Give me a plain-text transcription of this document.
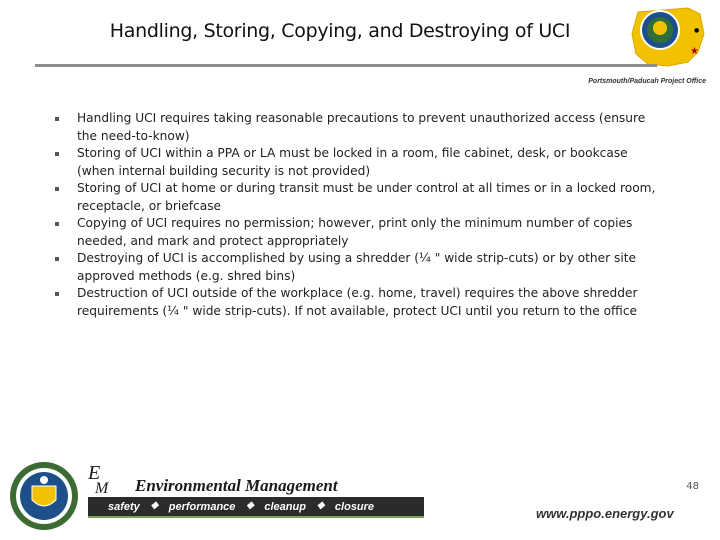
Handling, Storing, Copying, and Destroying of UCI
★
●
Portsmouth/Paducah Project Office
Handling UCI requires taking reasonable precautions to prevent unauthorized access (ensure the need-to-know)
Storing of UCI within a PPA or LA must be locked in a room, file cabinet, desk, or bookcase (when internal building security is not provided)
Storing of UCI at home or during transit must be under control at all times or in a locked room, receptacle, or briefcase
Copying of UCI requires no permission; however, print only the minimum number of copies needed, and mark and protect appropriately
Destroying of UCI is accomplished by using a shredder (¼ " wide strip-cuts) or by other site approved methods (e.g. shred bins)
Destruction of UCI outside of the workplace (e.g. home, travel) requires the above shredder requirements (¼ " wide strip-cuts). If not available, protect UCI until you return to the office
48
E
M Environmental Management
safety ❖ performance ❖ cleanup ❖ closure	www.pppo.energy.gov
